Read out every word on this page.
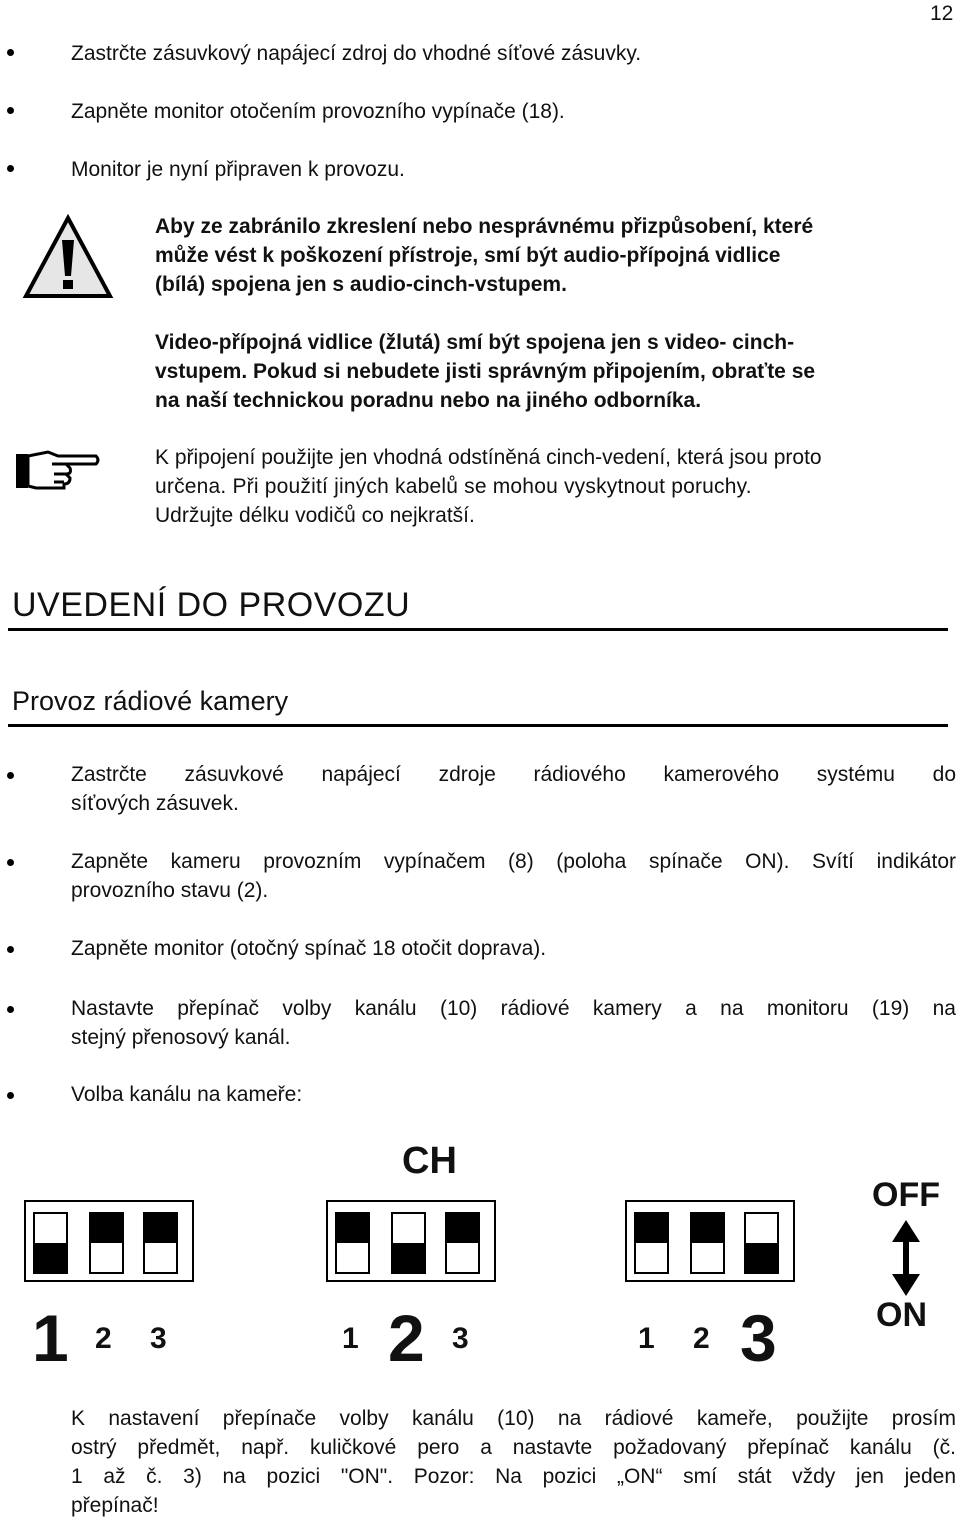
12
Zastrčte zásuvkový napájecí zdroj do vhodné síťové zásuvky.
Zapněte monitor otočením provozního vypínače (18).
Monitor je nyní připraven k provozu.
Aby ze zabránilo zkreslení nebo nesprávnému přizpůsobení, které
může vést k poškození přístroje, smí být audio-přípojná vidlice
(bílá) spojena jen s audio-cinch-vstupem.
Video-přípojná vidlice (žlutá) smí být spojena jen s video- cinch-
vstupem. Pokud si nebudete jisti správným připojením, obraťte se
na naší technickou poradnu nebo na jiného odborníka.
K připojení použijte jen vhodná odstíněná cinch-vedení, která jsou proto
určena. Při použití jiných kabelů se mohou vyskytnout poruchy.
Udržujte délku vodičů co nejkratší.
UVEDENÍ DO PROVOZU
Provoz rádiové kamery
Zastrčte zásuvkové napájecí zdroje rádiového kamerového systému do
síťových zásuvek.
Zapněte kameru provozním vypínačem (8) (poloha spínače ON). Svítí indikátor
provozního stavu (2).
Zapněte monitor (otočný spínač 18 otočit doprava).
Nastavte přepínač volby kanálu (10) rádiové kamery a na monitoru (19) na
stejný přenosový kanál.
Volba kanálu na kameře:
CH
OFF
ON
1 2 3	1 2 3	1 2 3
K nastavení přepínače volby kanálu (10) na rádiové kameře, použijte prosím
ostrý předmět, např. kuličkové pero a nastavte požadovaný přepínač kanálu (č.
1 až č. 3) na pozici "ON". Pozor: Na pozici „ON“ smí stát vždy jen jeden
přepínač!
